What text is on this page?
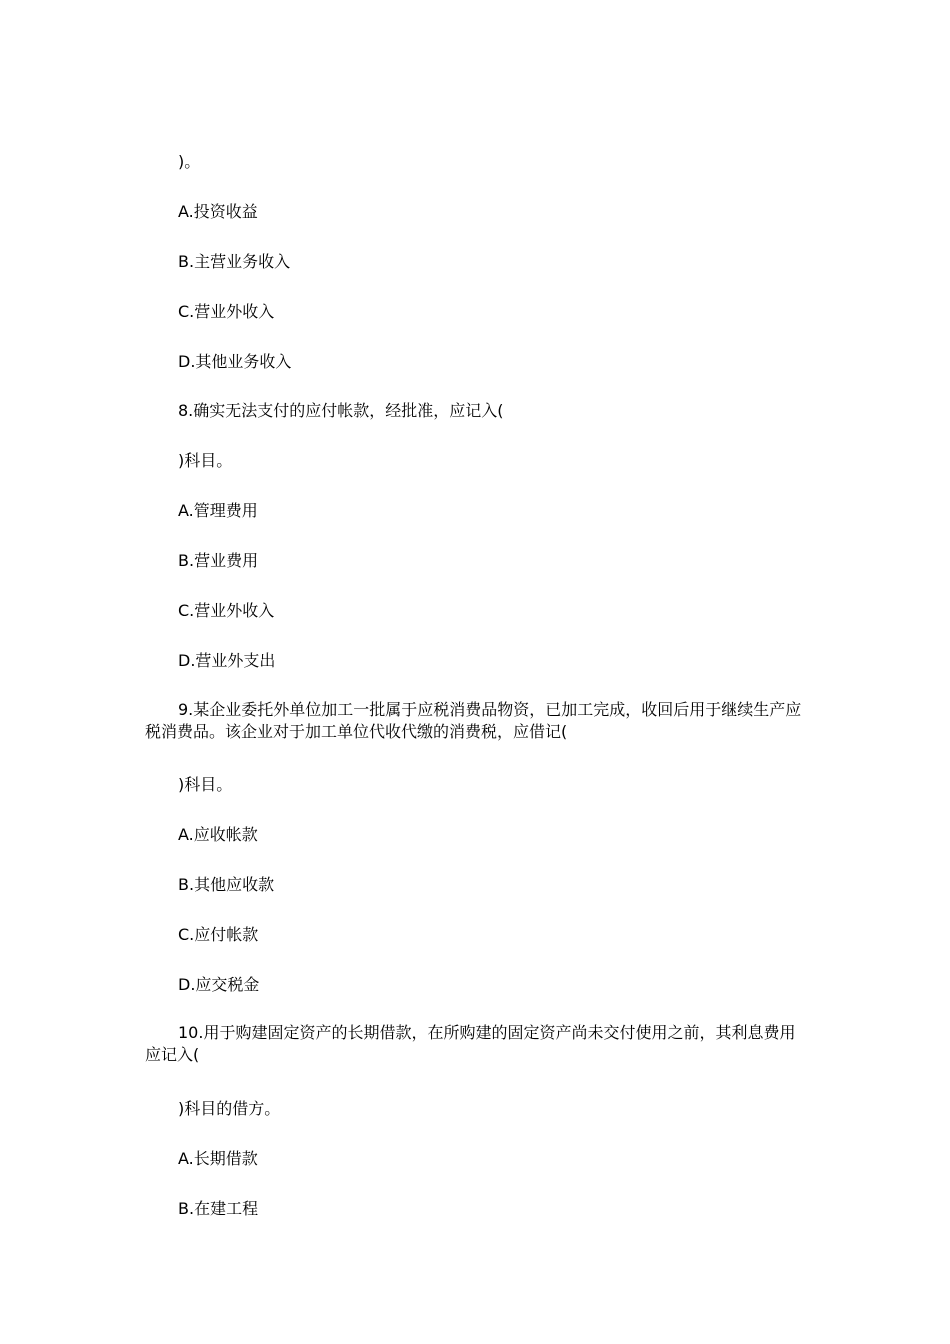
)。
A.投资收益
B.主营业务收入
C.营业外收入
D.其他业务收入
8.确实无法支付的应付帐款，经批准，应记入(
)科目。
A.管理费用
B.营业费用
C.营业外收入
D.营业外支出
9.某企业委托外单位加工一批属于应税消费品物资，已加工完成，收回后用于继续生产应税消费品。该企业对于加工单位代收代缴的消费税，应借记(
)科目。
A.应收帐款
B.其他应收款
C.应付帐款
D.应交税金
10.用于购建固定资产的长期借款，在所购建的固定资产尚未交付使用之前，其利息费用应记入(
)科目的借方。
A.长期借款
B.在建工程
